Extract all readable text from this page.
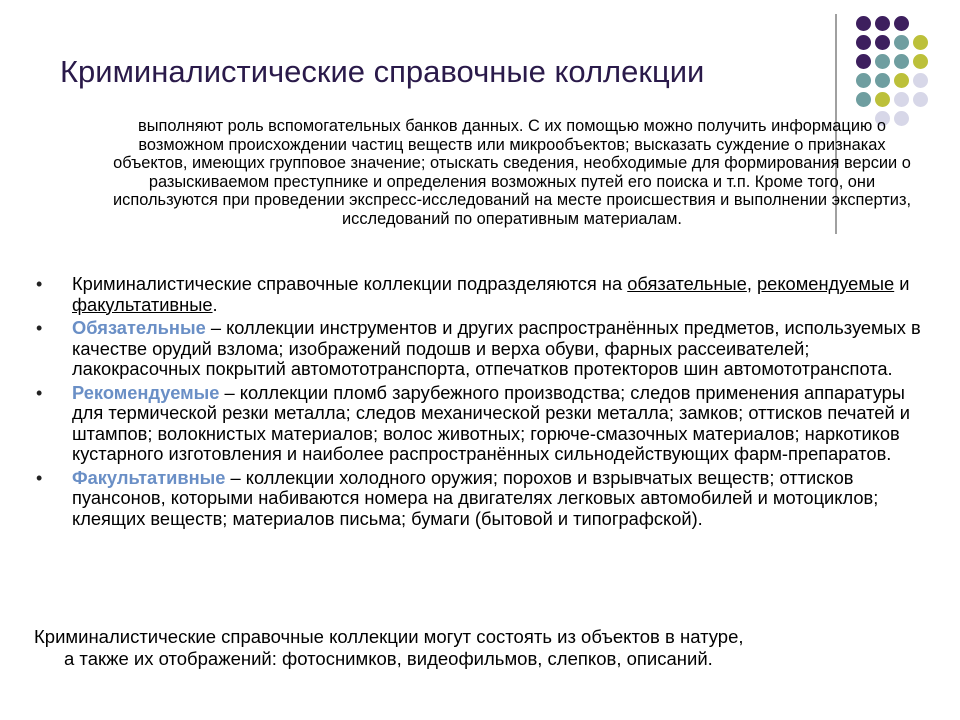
Криминалистические справочные коллекции

выполняют роль вспомогательных банков данных. С их помощью можно получить информацию о возможном происхождении частиц веществ или микрообъектов; высказать суждение о признаках объектов, имеющих групповое значение; отыскать сведения, необходимые для формирования версии о разыскиваемом преступнике и определения возможных путей его поиска и т.п. Кроме того, они используются при проведении экспресс-исследований на месте происшествия и выполнении экспертиз, исследований по оперативным материалам.

• Криминалистические справочные коллекции подразделяются на обязательные, рекомендуемые и факультативные.
• Обязательные – коллекции инструментов и других распространённых предметов, используемых в качестве орудий взлома; изображений подошв и верха обуви, фарных рассеивателей; лакокрасочных покрытий автомототранспорта, отпечатков протекторов шин автомототранспота.
• Рекомендуемые – коллекции пломб зарубежного производства; следов применения аппаратуры для термической резки металла; следов механической резки металла; замков; оттисков печатей и штампов; волокнистых материалов; волос животных; горюче-смазочных материалов; наркотиков кустарного изготовления и наиболее распространённых сильнодействующих фарм-препаратов.
• Факультативные – коллекции холодного оружия; порохов и взрывчатых веществ; оттисков пуансонов, которыми набиваются номера на двигателях легковых автомобилей и мотоциклов; клеящих веществ; материалов письма; бумаги (бытовой и типографской).

Криминалистические справочные коллекции могут состоять из объектов в натуре,
а также их отображений: фотоснимков, видеофильмов, слепков, описаний.
